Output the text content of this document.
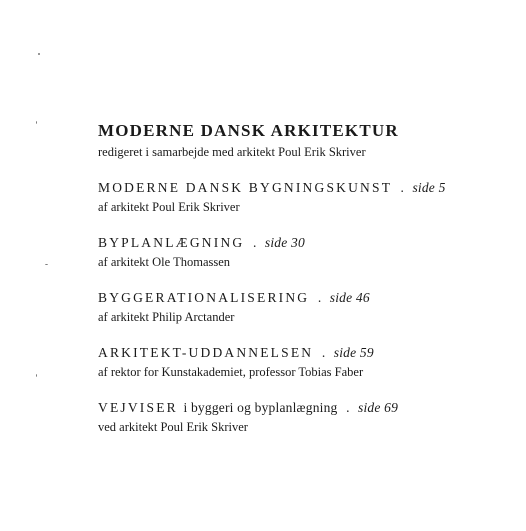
MODERNE DANSK ARKITEKTUR
redigeret i samarbejde med arkitekt Poul Erik Skriver
MODERNE DANSK BYGNINGSKUNST . side 5
af arkitekt Poul Erik Skriver
BYPLANLÆGNING . side 30
af arkitekt Ole Thomassen
BYGGERATIONALISERING . side 46
af arkitekt Philip Arctander
ARKITEKT-UDDANNELSEN . side 59
af rektor for Kunstakademiet, professor Tobias Faber
VEJVISER i byggeri og byplanlægning . side 69
ved arkitekt Poul Erik Skriver
